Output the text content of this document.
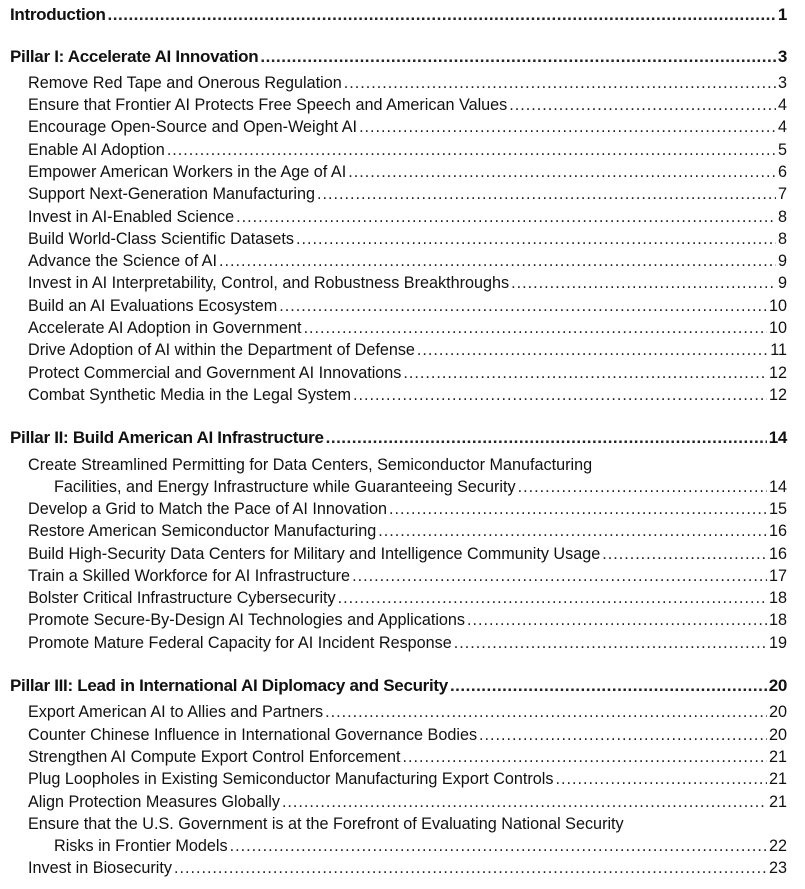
Introduction .....	1
Pillar I: Accelerate AI Innovation .....	3
Remove Red Tape and Onerous Regulation .....	3
Ensure that Frontier AI Protects Free Speech and American Values .....	4
Encourage Open-Source and Open-Weight AI .....	4
Enable AI Adoption .....	5
Empower American Workers in the Age of AI .....	6
Support Next-Generation Manufacturing .....	7
Invest in AI-Enabled Science .....	8
Build World-Class Scientific Datasets .....	8
Advance the Science of AI .....	9
Invest in AI Interpretability, Control, and Robustness Breakthroughs .....	9
Build an AI Evaluations Ecosystem .....	10
Accelerate AI Adoption in Government .....	10
Drive Adoption of AI within the Department of Defense .....	11
Protect Commercial and Government AI Innovations .....	12
Combat Synthetic Media in the Legal System .....	12
Pillar II: Build American AI Infrastructure .....	14
Create Streamlined Permitting for Data Centers, Semiconductor Manufacturing
Facilities, and Energy Infrastructure while Guaranteeing Security .....	14
Develop a Grid to Match the Pace of AI Innovation .....	15
Restore American Semiconductor Manufacturing .....	16
Build High-Security Data Centers for Military and Intelligence Community Usage .....	16
Train a Skilled Workforce for AI Infrastructure .....	17
Bolster Critical Infrastructure Cybersecurity .....	18
Promote Secure-By-Design AI Technologies and Applications .....	18
Promote Mature Federal Capacity for AI Incident Response .....	19
Pillar III: Lead in International AI Diplomacy and Security .....	20
Export American AI to Allies and Partners .....	20
Counter Chinese Influence in International Governance Bodies .....	20
Strengthen AI Compute Export Control Enforcement .....	21
Plug Loopholes in Existing Semiconductor Manufacturing Export Controls .....	21
Align Protection Measures Globally .....	21
Ensure that the U.S. Government is at the Forefront of Evaluating National Security
Risks in Frontier Models .....	22
Invest in Biosecurity .....	23
